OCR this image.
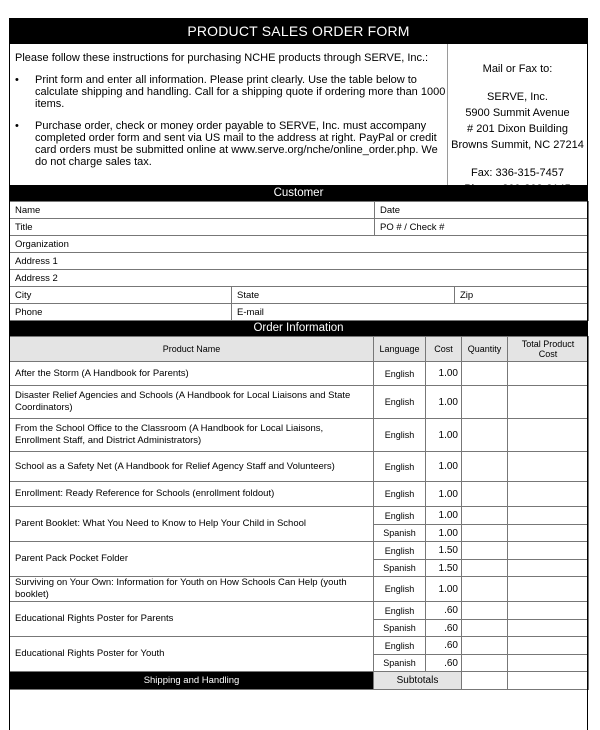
PRODUCT SALES ORDER FORM

Please follow these instructions for purchasing NCHE products through SERVE, Inc.:

• Print form and enter all information. Please print clearly. Use the table below to calculate shipping and handling. Call for a shipping quote if ordering more than 1000 items.
• Purchase order, check or money order payable to SERVE, Inc. must accompany completed order form and sent via US mail to the address at right. PayPal or credit card orders must be submitted online at www.serve.org/nche/online_order.php. We do not charge sales tax.
Mail or Fax to:
SERVE, Inc.
5900 Summit Avenue
# 201 Dixon Building
Browns Summit, NC 27214
Fax: 336-315-7457
Phone: 800-308-2145
Customer
Name		Date	
Title		PO # / Check #	
Organization			
Address 1			
Address 2			
City	State		Zip
Phone	E-mail		
Order Information
Product Name	Language	Cost	Quantity	Total Product Cost
After the Storm (A Handbook for Parents)	English	1.00		
Disaster Relief Agencies and Schools (A Handbook for Local Liaisons and State Coordinators)	English	1.00		
From the School Office to the Classroom (A Handbook for Local Liaisons, Enrollment Staff, and District Administrators)	English	1.00		
School as a Safety Net (A Handbook for Relief Agency Staff and Volunteers)	English	1.00		
Enrollment: Ready Reference for Schools (enrollment foldout)	English	1.00		
Parent Booklet: What You Need to Know to Help Your Child in School	English	1.00		
	Spanish	1.00		
Parent Pack Pocket Folder	English	1.50		
	Spanish	1.50		
Surviving on Your Own: Information for Youth on How Schools Can Help (youth booklet)	English	1.00		
Educational Rights Poster for Parents	English	.60		
	Spanish	.60		
Educational Rights Poster for Youth	English	.60		
	Spanish	.60		
Shipping and Handling	Subtotals			
